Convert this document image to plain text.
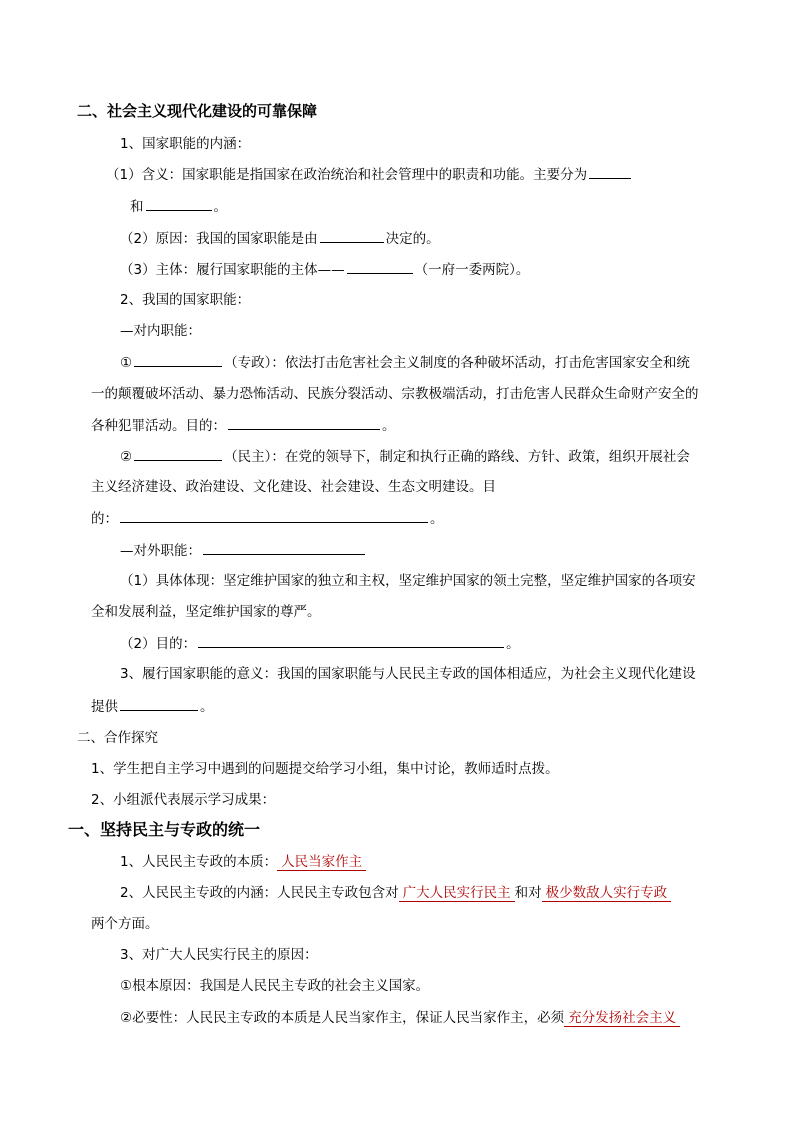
二、社会主义现代化建设的可靠保障
1、国家职能的内涵：
（1）含义：国家职能是指国家在政治统治和社会管理中的职责和功能。主要分为
和	。
（2）原因：我国的国家职能是由	决定的。
（3）主体：履行国家职能的主体——	（一府一委两院）。
2、我国的国家职能：
—对内职能：
①	（专政）：依法打击危害社会主义制度的各种破坏活动，打击危害国家安全和统
一的颠覆破坏活动、暴力恐怖活动、民族分裂活动、宗教极端活动，打击危害人民群众生命财产安全的
各种犯罪活动。目的：	。
②	（民主）：在党的领导下，制定和执行正确的路线、方针、政策，组织开展社会
主义经济建设、政治建设、文化建设、社会建设、生态文明建设。目
的：	。
—对外职能：
（1）具体体现：坚定维护国家的独立和主权，坚定维护国家的领土完整，坚定维护国家的各项安
全和发展利益，坚定维护国家的尊严。
（2）目的：	。
3、履行国家职能的意义：我国的国家职能与人民民主专政的国体相适应，为社会主义现代化建设
提供	。
二、合作探究
1、学生把自主学习中遇到的问题提交给学习小组，集中讨论，教师适时点拨。
2、小组派代表展示学习成果：
一、坚持民主与专政的统一
1、人民民主专政的本质： 人民当家作主
2、人民民主专政的内涵：人民民主专政包含对 广大人民实行民主 和对 极少数敌人实行专政
两个方面。
3、对广大人民实行民主的原因：
①根本原因：我国是人民民主专政的社会主义国家。
②必要性：人民民主专政的本质是人民当家作主，保证人民当家作主，必须 充分发扬社会主义
